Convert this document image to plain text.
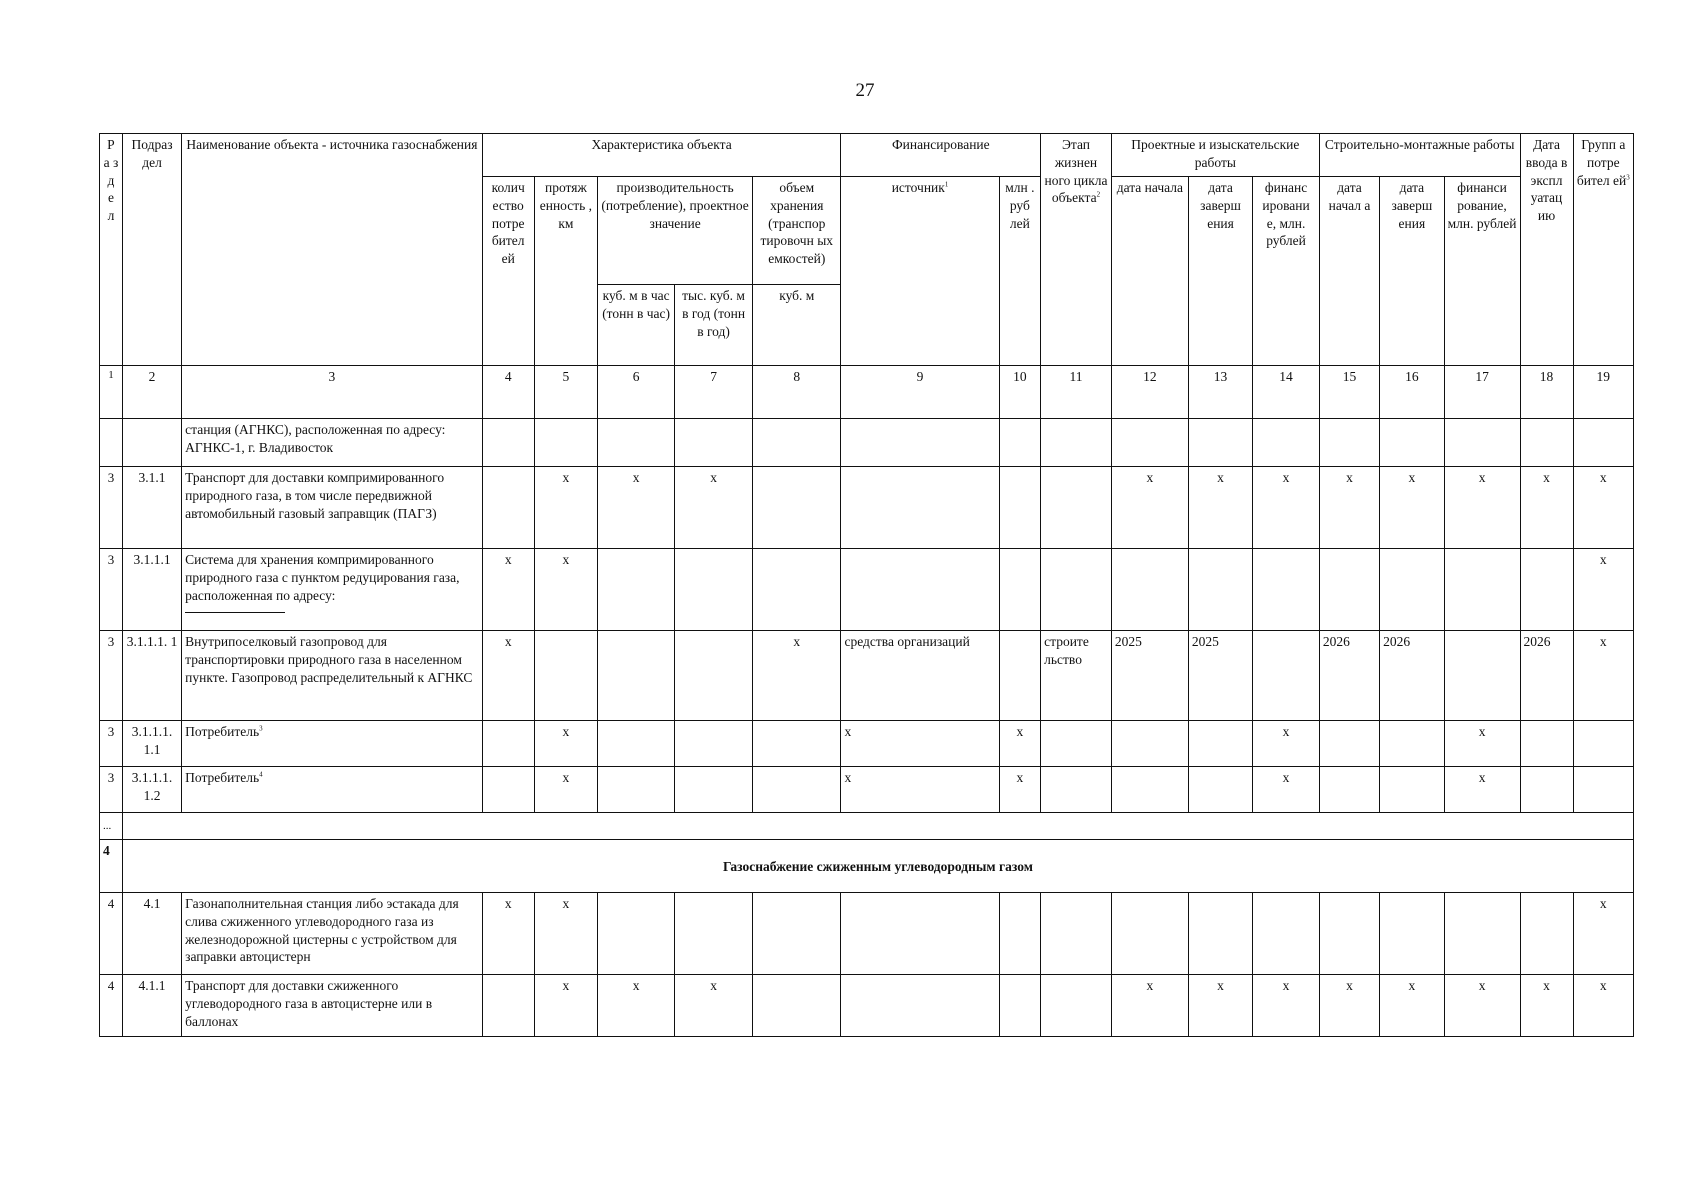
27
Р а з д е л	Подраз дел	Наименование объекта - источника газоснабжения	Характеристика объекта					Финансирование		Этап жизнен ного цикла объекта$^2$	Проектные и изыскательские работы			Строительно-монтажные работы			Дата ввода в экспл уатац ию	Групп а потре бител $ей^3$
			колич ество потре бител ей	протяж енность , км	производительность (потребление), проектное значение		объем хранения (транспор тировочн ых емкостей)	источник$^1$	млн . руб лей		дата начала	дата заверш ения	финанс ировани е, млн. рублей	дата начал а	дата заверш ения	финанси рование, млн. рублей		
					куб. м в час (тонн в час)	тыс. куб. м в год (тонн в год)	куб. м											
1	2	3	4	5	6	7	8	9	10	11	12	13	14	15	16	17	18	19
		станция (АГНКС), расположенная по адресу: АГНКС-1, г. Владивосток																
3	3.1.1	Транспорт для доставки компримированного природного газа, в том числе передвижной автомобильный газовый заправщик (ПАГЗ)		х	х	х					х	х	х	х	х	х	х	х
3	3.1.1.1	Система для хранения компримированного природного газа с пунктом редуцирования газа, расположенная по адресу:	х	х														х
3	3.1.1.1. 1	Внутрипоселковый газопровод для транспортировки природного газа в населенном пункте. Газопровод распределительный к АГНКС	х				х	средства организаций		строите льство	2025	2025		2026	2026		2026	х
3	3.1.1.1. 1.1	Потребитель$^3$		х				х	х				х			х		
3	3.1.1.1. 1.2	Потребитель$^4$		х				х	х				х			х		
...																		
4	Газоснабжение сжиженным углеводородным газом																	
4	4.1	Газонаполнительная станция либо эстакада для слива сжиженного углеводородного газа из железнодорожной цистерны с устройством для заправки автоцистерн	х	х														х
4	4.1.1	Транспорт для доставки сжиженного углеводородного газа в автоцистерне или в баллонах		х	х	х					х	х	х	х	х	х	х	х
